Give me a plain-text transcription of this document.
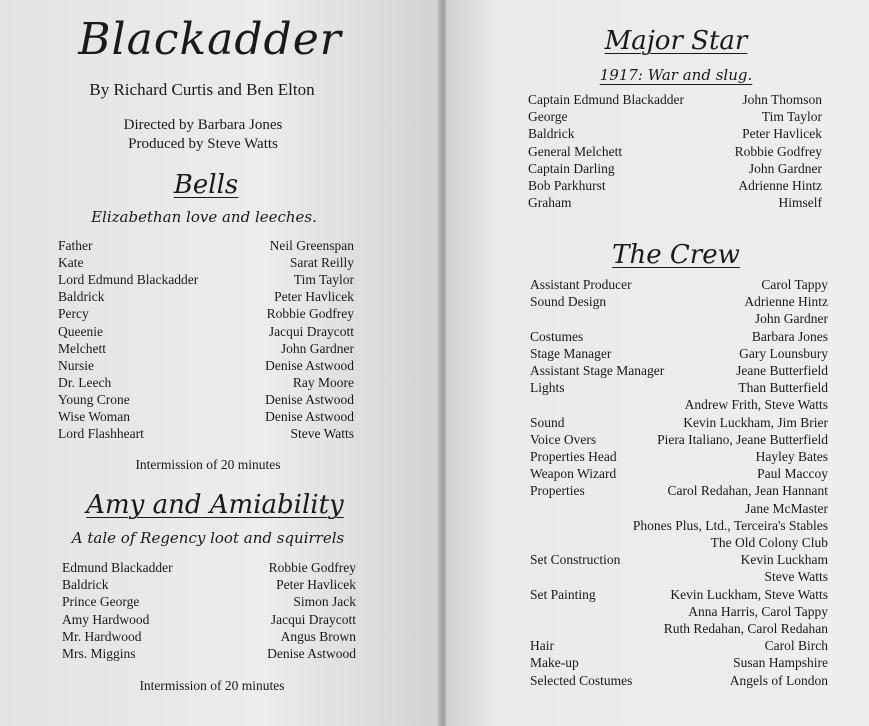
Blackadder
By Richard Curtis and Ben Elton
Directed by Barbara Jones
Produced by Steve Watts
Bells
Elizabethan love and leeches.
Father	Neil Greenspan
Kate	Sarat Reilly
Lord Edmund Blackadder	Tim Taylor
Baldrick	Peter Havlicek
Percy	Robbie Godfrey
Queenie	Jacqui Draycott
Melchett	John Gardner
Nursie	Denise Astwood
Dr. Leech	Ray Moore
Young Crone	Denise Astwood
Wise Woman	Denise Astwood
Lord Flashheart	Steve Watts
Intermission of 20 minutes
Amy and Amiability
A tale of Regency loot and squirrels
Edmund Blackadder	Robbie Godfrey
Baldrick	Peter Havlicek
Prince George	Simon Jack
Amy Hardwood	Jacqui Draycott
Mr. Hardwood	Angus Brown
Mrs. Miggins	Denise Astwood
Intermission of 20 minutes
Major Star
1917: War and slug.
Captain Edmund Blackadder	John Thomson
George	Tim Taylor
Baldrick	Peter Havlicek
General Melchett	Robbie Godfrey
Captain Darling	John Gardner
Bob Parkhurst	Adrienne Hintz
Graham	Himself
The Crew
Assistant Producer	Carol Tappy
Sound Design	Adrienne Hintz
John Gardner
Costumes	Barbara Jones
Stage Manager	Gary Lounsbury
Assistant Stage Manager	Jeane Butterfield
Lights	Than Butterfield
Andrew Frith, Steve Watts
Sound	Kevin Luckham, Jim Brier
Voice Overs	Piera Italiano, Jeane Butterfield
Properties Head	Hayley Bates
Weapon Wizard	Paul Maccoy
Properties	Carol Redahan, Jean Hannant
Jane McMaster
Phones Plus, Ltd., Terceira's Stables
The Old Colony Club
Set Construction	Kevin Luckham
Steve Watts
Set Painting	Kevin Luckham, Steve Watts
Anna Harris, Carol Tappy
Ruth Redahan, Carol Redahan
Hair	Carol Birch
Make-up	Susan Hampshire
Selected Costumes	Angels of London
